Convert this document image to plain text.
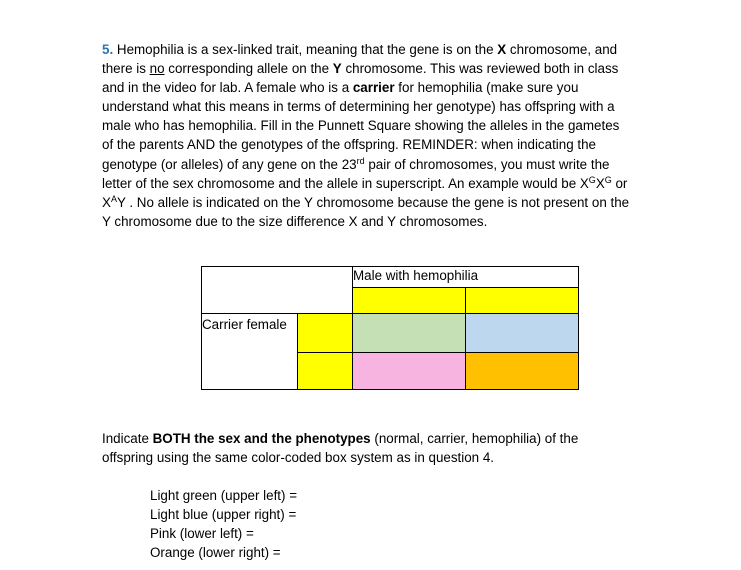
5. Hemophilia is a sex-linked trait, meaning that the gene is on the X chromosome, and
there is no corresponding allele on the Y chromosome. This was reviewed both in class
and in the video for lab. A female who is a carrier for hemophilia (make sure you
understand what this means in terms of determining her genotype) has offspring with a
male who has hemophilia. Fill in the Punnett Square showing the alleles in the gametes
of the parents AND the genotypes of the offspring. REMINDER: when indicating the
genotype (or alleles) of any gene on the 23rd pair of chromosomes, you must write the
letter of the sex chromosome and the allele in superscript. An example would be $X^GX^G$ or
$X^AY$ . No allele is indicated on the Y chromosome because the gene is not present on the
Y chromosome due to the size difference X and Y chromosomes.
Male with hemophilia
Carrier female
Indicate BOTH the sex and the phenotypes (normal, carrier, hemophilia) of the
offspring using the same color-coded box system as in question 4.
Light green (upper left) =
Light blue (upper right) =
Pink (lower left) =
Orange (lower right) =
